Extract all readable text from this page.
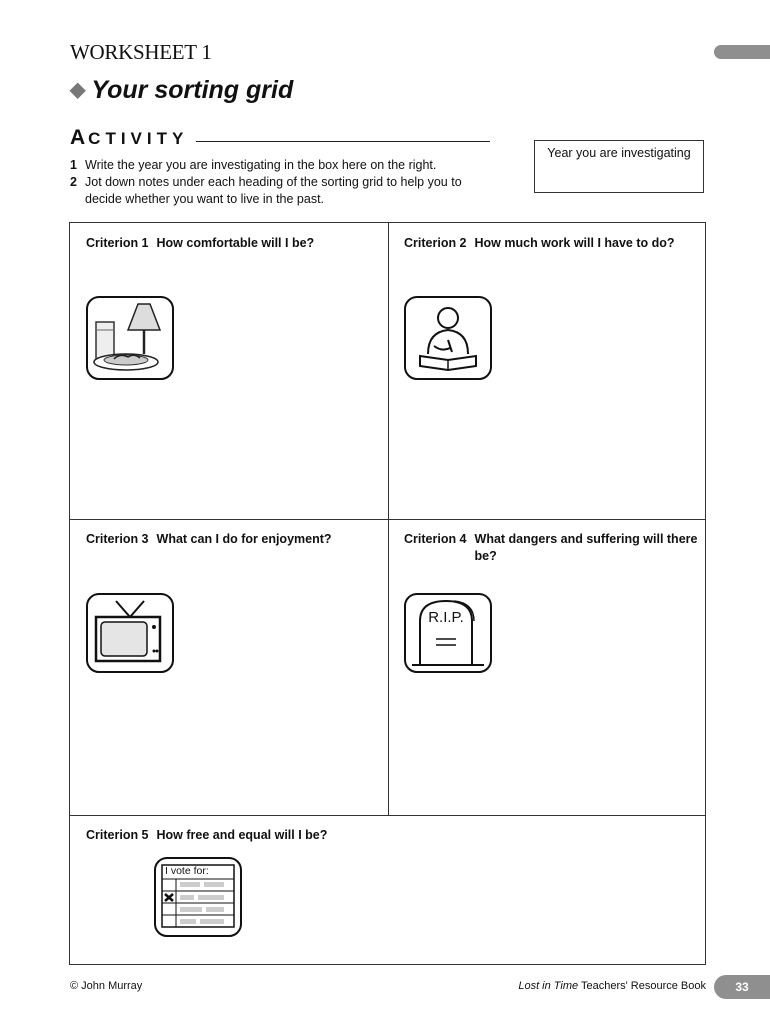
WORKSHEET 1
◆ Your sorting grid
ACTIVITY
1 Write the year you are investigating in the box here on the right.
2 Jot down notes under each heading of the sorting grid to help you to decide whether you want to live in the past.
Year you are investigating
Criterion 1 How comfortable will I be?	Criterion 2 How much work will I have to do?
Criterion 3 What can I do for enjoyment?	Criterion 4 What dangers and suffering will there be?
R.I.P.
Criterion 5 How free and equal will I be?
I vote for:
© John Murray	Lost in Time Teachers' Resource Book	33
